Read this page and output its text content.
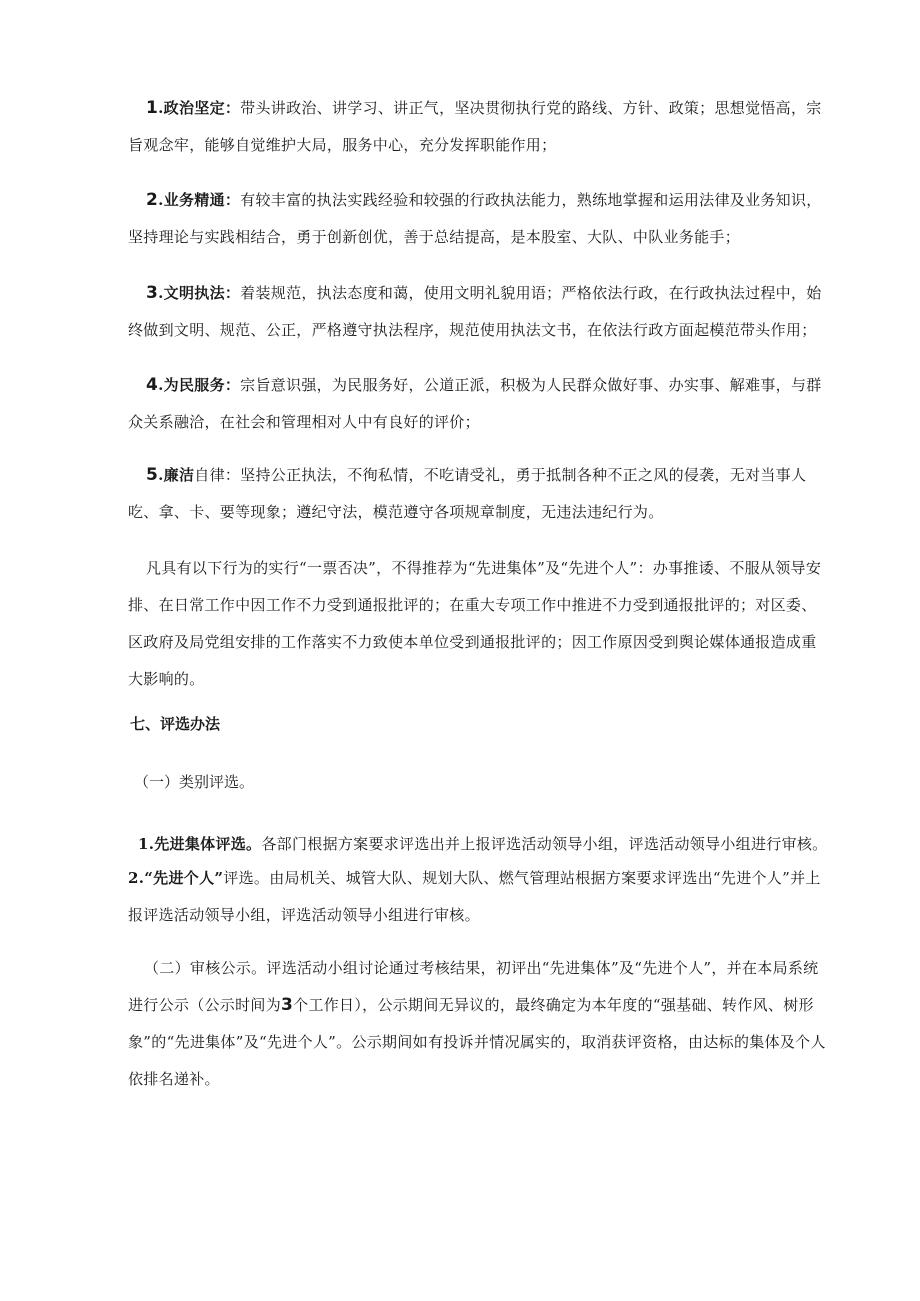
1.政治坚定：带头讲政治、讲学习、讲正气，坚决贯彻执行党的路线、方针、政策；思想觉悟高，宗旨观念牢，能够自觉维护大局，服务中心，充分发挥职能作用；
2.业务精通：有较丰富的执法实践经验和较强的行政执法能力，熟练地掌握和运用法律及业务知识，坚持理论与实践相结合，勇于创新创优，善于总结提高，是本股室、大队、中队业务能手；
3.文明执法：着装规范，执法态度和蔼，使用文明礼貌用语；严格依法行政，在行政执法过程中，始终做到文明、规范、公正，严格遵守执法程序，规范使用执法文书，在依法行政方面起模范带头作用；
4.为民服务：宗旨意识强，为民服务好，公道正派，积极为人民群众做好事、办实事、解难事，与群众关系融洽，在社会和管理相对人中有良好的评价；
5.廉洁自律：坚持公正执法，不徇私情，不吃请受礼，勇于抵制各种不正之风的侵袭，无对当事人吃、拿、卡、要等现象；遵纪守法，模范遵守各项规章制度，无违法违纪行为。
凡具有以下行为的实行“一票否决”，不得推荐为“先进集体”及“先进个人”：办事推诿、不服从领导安排、在日常工作中因工作不力受到通报批评的；在重大专项工作中推进不力受到通报批评的；对区委、区政府及局党组安排的工作落实不力致使本单位受到通报批评的；因工作原因受到舆论媒体通报造成重大影响的。
七、评选办法
（一）类别评选。
1.先进集体评选。各部门根据方案要求评选出并上报评选活动领导小组，评选活动领导小组进行审核。
2.“先进个人”评选。由局机关、城管大队、规划大队、燃气管理站根据方案要求评选出“先进个人”并上报评选活动领导小组，评选活动领导小组进行审核。
（二）审核公示。评选活动小组讨论通过考核结果，初评出“先进集体”及“先进个人”，并在本局系统进行公示（公示时间为3个工作日），公示期间无异议的，最终确定为本年度的“强基础、转作风、树形象”的“先进集体”及“先进个人”。公示期间如有投诉并情况属实的，取消获评资格，由达标的集体及个人依排名递补。
